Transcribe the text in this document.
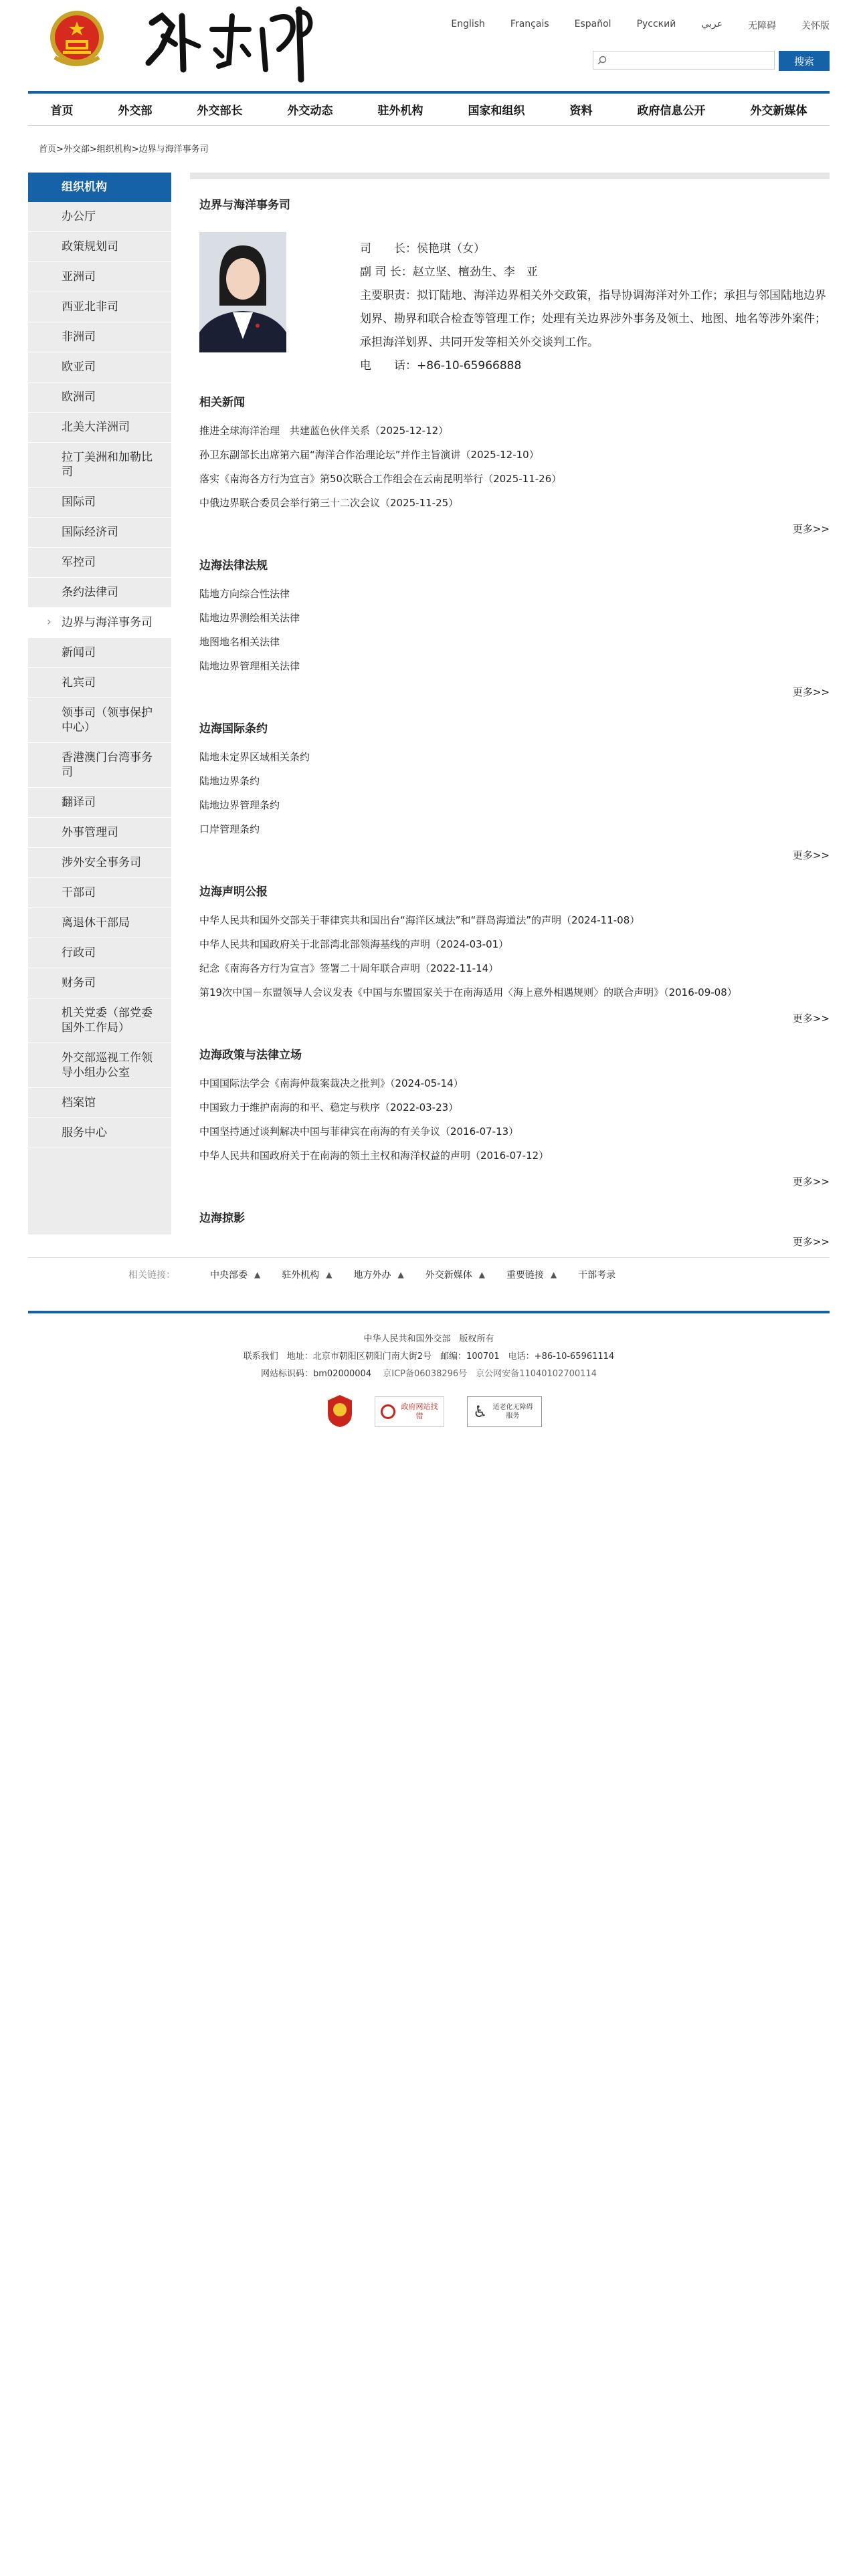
English	Français	Español	Русский	عربي	无障碍	关怀版
搜索
首页	外交部	外交部长	外交动态	驻外机构	国家和组织	资料	政府信息公开	外交新媒体
首页>外交部>组织机构>边界与海洋事务司
组织机构
办公厅
政策规划司
亚洲司
西亚北非司
非洲司
欧亚司
欧洲司
北美大洋洲司
拉丁美洲和加勒比司
国际司
国际经济司
军控司
条约法律司
› 边界与海洋事务司
新闻司
礼宾司
领事司（领事保护中心）
香港澳门台湾事务司
翻译司
外事管理司
涉外安全事务司
干部司
离退休干部局
行政司
财务司
机关党委（部党委国外工作局）
外交部巡视工作领导小组办公室
档案馆
服务中心
边界与海洋事务司
司　　长：侯艳琪（女）
副 司 长：赵立坚、檀劲生、李　亚
主要职责：拟订陆地、海洋边界相关外交政策，指导协调海洋对外工作；承担与邻国陆地边界划界、勘界和联合检查等管理工作；处理有关边界涉外事务及领土、地图、地名等涉外案件；承担海洋划界、共同开发等相关外交谈判工作。
电　　话：+86-10-65966888
相关新闻
推进全球海洋治理　共建蓝色伙伴关系（2025-12-12）
孙卫东副部长出席第六届“海洋合作治理论坛”并作主旨演讲（2025-12-10）
落实《南海各方行为宣言》第50次联合工作组会在云南昆明举行（2025-11-26）
中俄边界联合委员会举行第三十二次会议（2025-11-25）
更多>>
边海法律法规
陆地方向综合性法律
陆地边界测绘相关法律
地图地名相关法律
陆地边界管理相关法律
更多>>
边海国际条约
陆地未定界区域相关条约
陆地边界条约
陆地边界管理条约
口岸管理条约
更多>>
边海声明公报
中华人民共和国外交部关于菲律宾共和国出台“海洋区域法”和“群岛海道法”的声明（2024-11-08）
中华人民共和国政府关于北部湾北部领海基线的声明（2024-03-01）
纪念《南海各方行为宣言》签署二十周年联合声明（2022-11-14）
第19次中国－东盟领导人会议发表《中国与东盟国家关于在南海适用〈海上意外相遇规则〉的联合声明》（2016-09-08）
更多>>
边海政策与法律立场
中国国际法学会《南海仲裁案裁决之批判》（2024-05-14）
中国致力于维护南海的和平、稳定与秩序（2022-03-23）
中国坚持通过谈判解决中国与菲律宾在南海的有关争议（2016-07-13）
中华人民共和国政府关于在南海的领土主权和海洋权益的声明（2016-07-12）
更多>>
边海掠影
更多>>
相关链接：	中央部委 ▲ 驻外机构 ▲ 地方外办 ▲ 外交新媒体 ▲ 重要链接 ▲ 干部考录
中华人民共和国外交部　版权所有
联系我们　地址：北京市朝阳区朝阳门南大街2号　邮编：100701　电话：+86-10-65961114
网站标识码：bm02000004　 京ICP备06038296号　京公网安备11040102700114
政府网站找错	♿ 适老化无障碍服务
